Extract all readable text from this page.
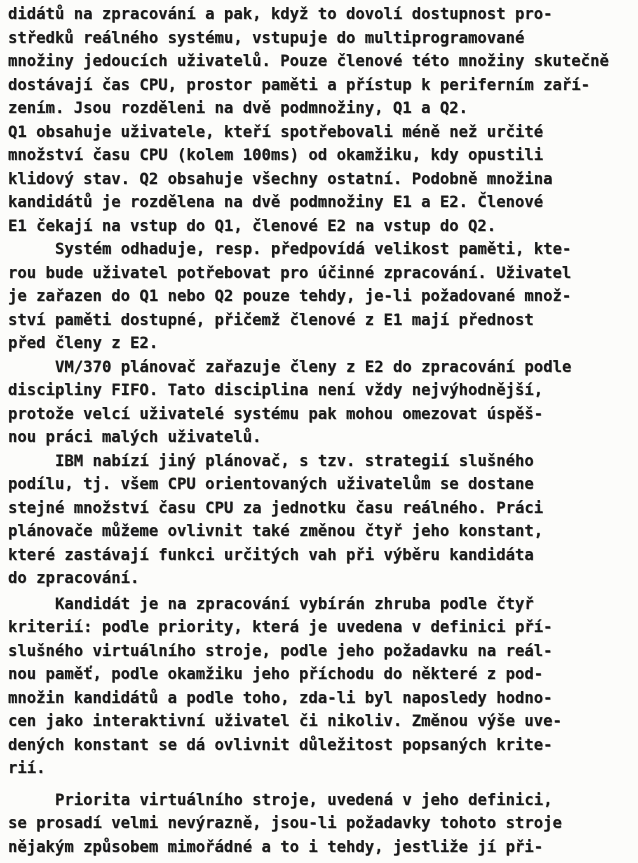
didátů na zpracování a pak, když to dovolí dostupnost pro-
středků reálného systému, vstupuje do multiprogramované
množiny jedoucích uživatelů. Pouze členové této množiny skutečně
dostávají čas CPU, prostor paměti a přístup k periferním zaří-
zením. Jsou rozděleni na dvě podmnožiny, Q1 a Q2.

Q1 obsahuje uživatele, kteří spotřebovali méně než určité
množství času CPU (kolem 100ms) od okamžiku, kdy opustili
klidový stav. Q2 obsahuje všechny ostatní. Podobně množina
kandidátů je rozdělena na dvě podmnožiny E1 a E2. Členové
E1 čekají na vstup do Q1, členové E2 na vstup do Q2.

Systém odhaduje, resp. předpovídá velikost paměti, kte-
rou bude uživatel potřebovat pro účinné zpracování. Uživatel
je zařazen do Q1 nebo Q2 pouze tehdy, je-li požadované množ-
ství paměti dostupné, přičemž členové z E1 mají přednost
před členy z E2.

VM/370 plánovač zařazuje členy z E2 do zpracování podle
discipliny FIFO. Tato disciplina není vždy nejvýhodnější,
protože velcí uživatelé systému pak mohou omezovat úspěš-
nou práci malých uživatelů.

IBM nabízí jiný plánovač, s tzv. strategií slušného
podílu, tj. všem CPU orientovaných uživatelům se dostane
stejné množství času CPU za jednotku času reálného. Práci
plánovače můžeme ovlivnit také změnou čtyř jeho konstant,
které zastávají funkci určitých vah při výběru kandidáta
do zpracování.

Kandidát je na zpracování vybírán zhruba podle čtyř
kriterií: podle priority, která je uvedena v definici pří-
slušného virtuálního stroje, podle jeho požadavku na reál-
nou paměť, podle okamžiku jeho příchodu do některé z pod-
množin kandidátů a podle toho, zda-li byl naposledy hodno-
cen jako interaktivní uživatel či nikoliv. Změnou výše uve-
dených konstant se dá ovlivnit důležitost popsaných krite-
rií.

Priorita virtuálního stroje, uvedená v jeho definici,
se prosadí velmi nevýrazně, jsou-li požadavky tohoto stroje
nějakým způsobem mimořádné a to i tehdy, jestliže jí při-
